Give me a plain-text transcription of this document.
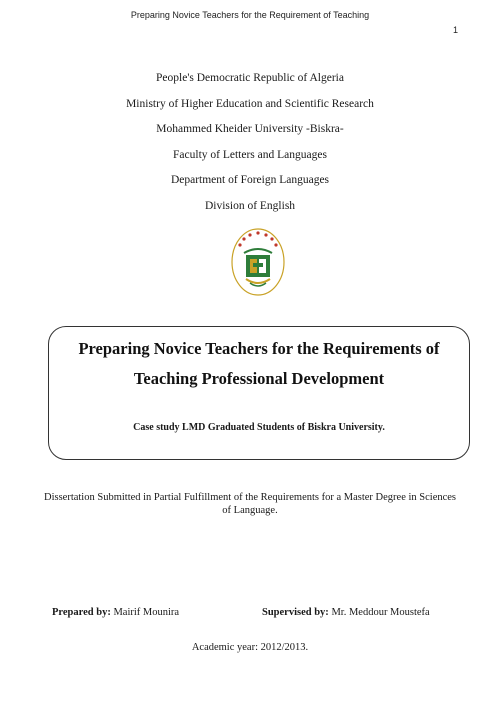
Preparing Novice Teachers for the Requirement of Teaching
1
People's Democratic Republic of Algeria
Ministry of Higher Education and Scientific Research
Mohammed Kheider University -Biskra-
Faculty of Letters and Languages
Department of Foreign Languages
Division of English
Preparing Novice Teachers for the Requirements of
Teaching Professional Development
Case study LMD Graduated Students of Biskra University.
Dissertation Submitted in Partial Fulfillment of the Requirements for a Master Degree in Sciences of Language.
Prepared by: Mairif Mounira	Supervised by: Mr. Meddour Moustefa
Academic year: 2012/2013.
